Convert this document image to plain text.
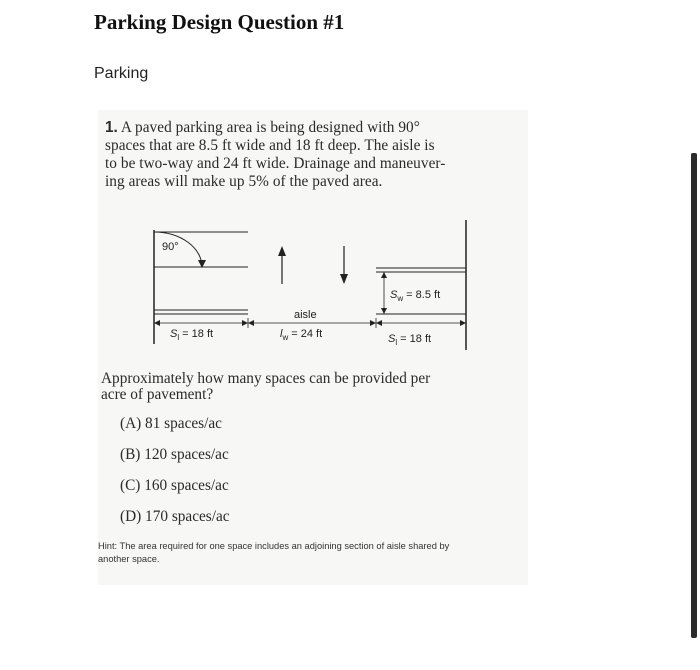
Parking Design Question #1
Parking
1. A paved parking area is being designed with 90°
spaces that are 8.5 ft wide and 18 ft deep. The aisle is
to be two-way and 24 ft wide. Drainage and maneuver-
ing areas will make up 5% of the paved area.
90°
$S_w = 8.5$ ft
aisle
$S_l = 18$ ft	$l_w = 24$ ft	$S_l = 18$ ft
Approximately how many spaces can be provided per
acre of pavement?
(A) 81 spaces/ac
(B) 120 spaces/ac
(C) 160 spaces/ac
(D) 170 spaces/ac
Hint: The area required for one space includes an adjoining section of aisle shared by
another space.
